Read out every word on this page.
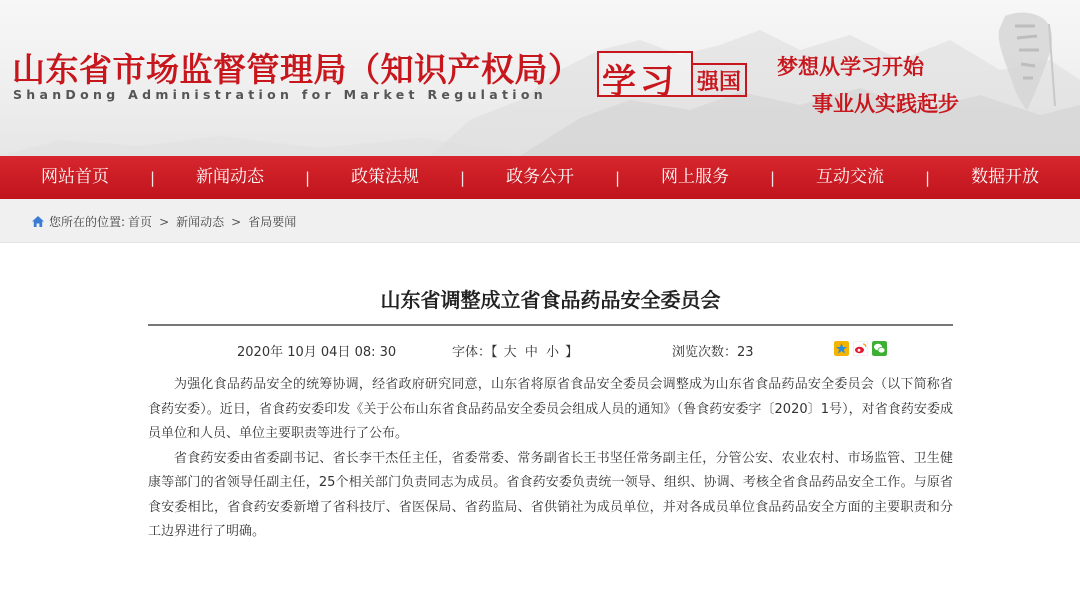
山东省市场监督管理局（知识产权局）
ShanDong Administration for Market Regulation 学习 强国
梦想从学习开始
事业从实践起步
网站首页	|	新闻动态	|	政策法规	|	政务公开	|	网上服务	|	互动交流	|	数据开放
您所在的位置: 首页 > 新闻动态 > 省局要闻
山东省调整成立省食品药品安全委员会
2020年 10月 04日 08: 30	字体：【 大 中 小 】	浏览次数：23

为强化食品药品安全的统筹协调，经省政府研究同意，山东省将原省食品安全委员会调整成为山东省食品药品安全委员会（以下简称省食药安委）。近日，省食药安委印发《关于公布山东省食品药品安全委员会组成人员的通知》（鲁食药安委字〔2020〕1号），对省食药安委成员单位和人员、单位主要职责等进行了公布。

省食药安委由省委副书记、省长李干杰任主任，省委常委、常务副省长王书坚任常务副主任，分管公安、农业农村、市场监管、卫生健康等部门的省领导任副主任，25个相关部门负责同志为成员。省食药安委负责统一领导、组织、协调、考核全省食品药品安全工作。与原省食安委相比，省食药安委新增了省科技厅、省医保局、省药监局、省供销社为成员单位，并对各成员单位食品药品安全方面的主要职责和分工边界进行了明确。
